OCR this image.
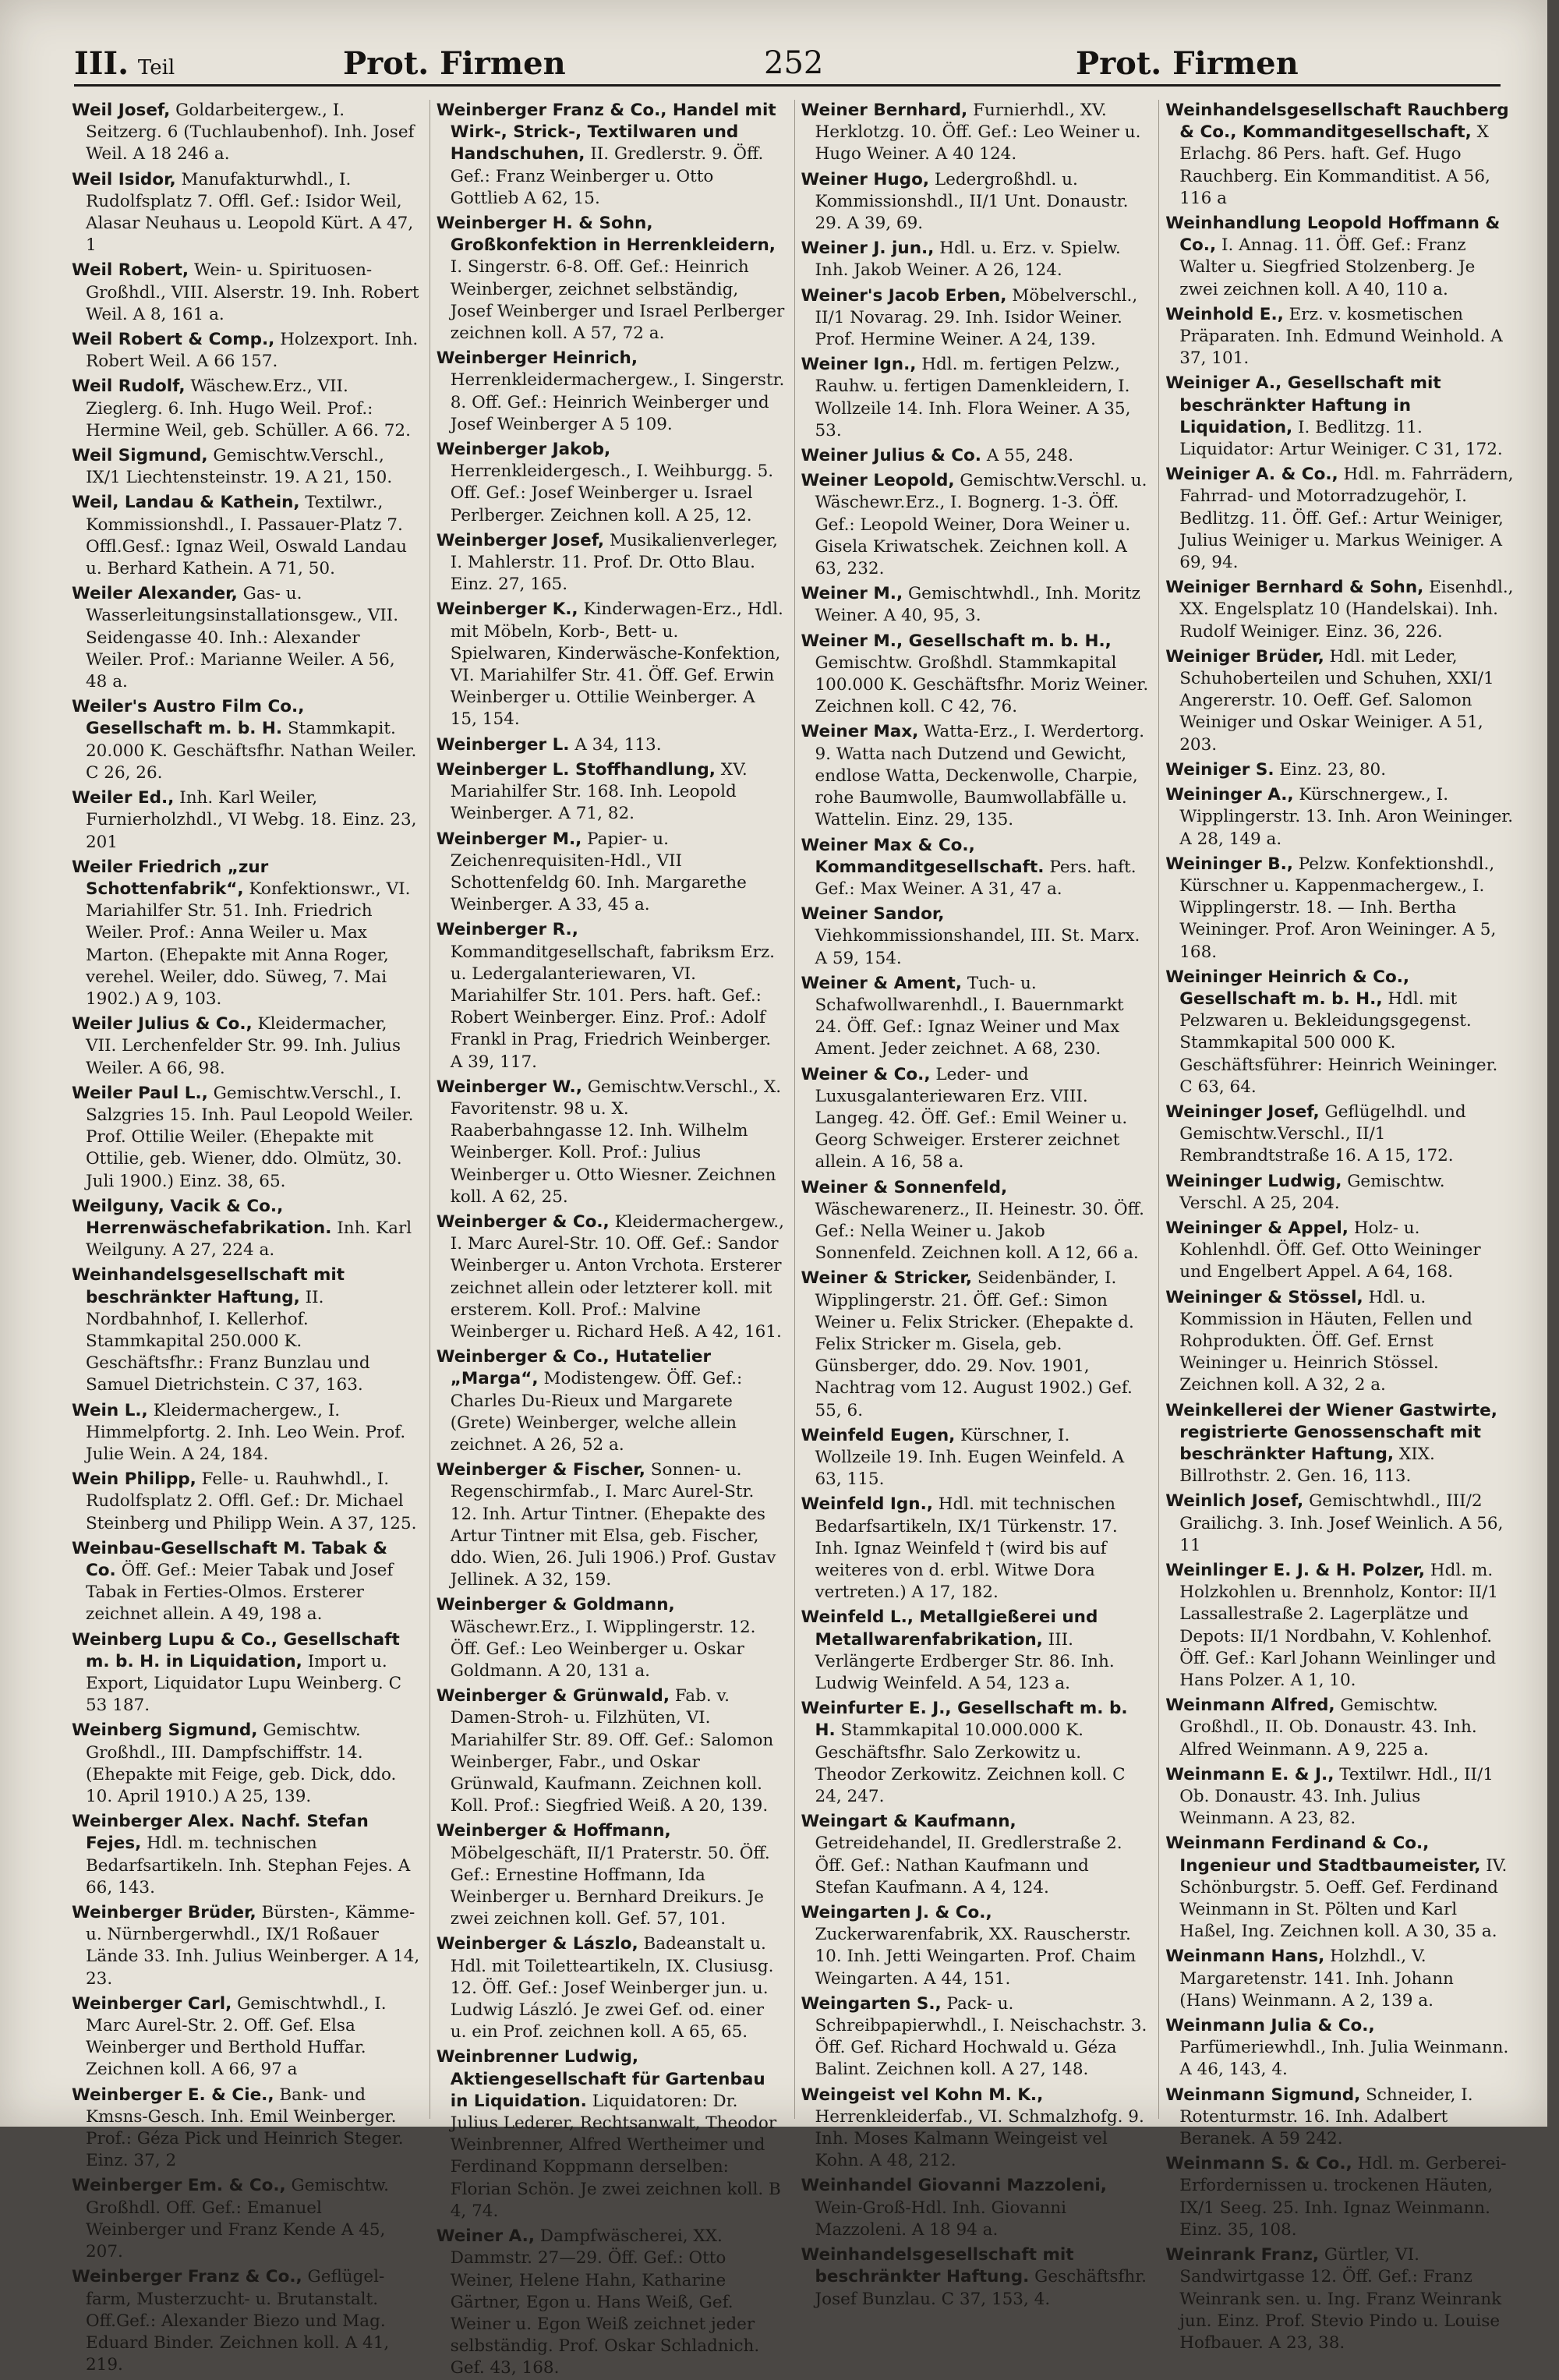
III. Teil	Prot. Firmen	252	Prot. Firmen

Weil Josef, Goldarbeitergew., I. Seitzerg. 6 (Tuchlaubenhof). Inh. Josef Weil. A 18 246 a.

Weil Isidor, Manufakturwhdl., I. Rudolfsplatz 7. Offl. Gef.: Isidor Weil, Alasar Neuhaus u. Leopold Kürt. A 47, 1

Weil Robert, Wein- u. Spirituosen-Großhdl., VIII. Alserstr. 19. Inh. Robert Weil. A 8, 161 a.

Weil Robert & Comp., Holzexport. Inh. Robert Weil. A 66 157.

Weil Rudolf, Wäschew.Erz., VII. Zieglerg. 6. Inh. Hugo Weil. Prof.: Hermine Weil, geb. Schüller. A 66. 72.

Weil Sigmund, Gemischtw.Verschl., IX/1 Liechtensteinstr. 19. A 21, 150.

Weil, Landau & Kathein, Textilwr., Kommissionshdl., I. Passauer-Platz 7. Offl.Gesf.: Ignaz Weil, Oswald Landau u. Berhard Kathein. A 71, 50.

Weiler Alexander, Gas- u. Wasserleitungsinstallationsgew., VII. Seidengasse 40. Inh.: Alexander Weiler. Prof.: Marianne Weiler. A 56, 48 a.

Weiler's Austro Film Co., Gesellschaft m. b. H. Stammkapit. 20.000 K. Geschäftsfhr. Nathan Weiler. C 26, 26.

Weiler Ed., Inh. Karl Weiler, Furnierholzhdl., VI Webg. 18. Einz. 23, 201

Weiler Friedrich „zur Schottenfabrik“, Konfektionswr., VI. Mariahilfer Str. 51. Inh. Friedrich Weiler. Prof.: Anna Weiler u. Max Marton. (Ehepakte mit Anna Roger, verehel. Weiler, ddo. Süweg, 7. Mai 1902.) A 9, 103.

Weiler Julius & Co., Kleidermacher, VII. Lerchenfelder Str. 99. Inh. Julius Weiler. A 66, 98.

Weiler Paul L., Gemischtw.Verschl., I. Salzgries 15. Inh. Paul Leopold Weiler. Prof. Ottilie Weiler. (Ehepakte mit Ottilie, geb. Wiener, ddo. Olmütz, 30. Juli 1900.) Einz. 38, 65.

Weilguny, Vacik & Co., Herrenwäschefabrikation. Inh. Karl Weilguny. A 27, 224 a.

Weinhandelsgesellschaft mit beschränkter Haftung, II. Nordbahnhof, I. Kellerhof. Stammkapital 250.000 K. Geschäftsfhr.: Franz Bunzlau und Samuel Dietrichstein. C 37, 163.

Wein L., Kleidermachergew., I. Himmelpfortg. 2. Inh. Leo Wein. Prof. Julie Wein. A 24, 184.

Wein Philipp, Felle- u. Rauhwhdl., I. Rudolfsplatz 2. Offl. Gef.: Dr. Michael Steinberg und Philipp Wein. A 37, 125.

Weinbau-Gesellschaft M. Tabak & Co. Öff. Gef.: Meier Tabak und Josef Tabak in Ferties-Olmos. Ersterer zeichnet allein. A 49, 198 a.

Weinberg Lupu & Co., Gesellschaft m. b. H. in Liquidation, Import u. Export, Liquidator Lupu Weinberg. C 53 187.

Weinberg Sigmund, Gemischtw. Großhdl., III. Dampfschiffstr. 14. (Ehepakte mit Feige, geb. Dick, ddo. 10. April 1910.) A 25, 139.

Weinberger Alex. Nachf. Stefan Fejes, Hdl. m. technischen Bedarfsartikeln. Inh. Stephan Fejes. A 66, 143.

Weinberger Brüder, Bürsten-, Kämme- u. Nürnbergerwhdl., IX/1 Roßauer Lände 33. Inh. Julius Weinberger. A 14, 23.

Weinberger Carl, Gemischtwhdl., I. Marc Aurel-Str. 2. Off. Gef. Elsa Weinberger und Berthold Huffar. Zeichnen koll. A 66, 97 a

Weinberger E. & Cie., Bank- und Kmsns-Gesch. Inh. Emil Weinberger. Prof.: Géza Pick und Heinrich Steger. Einz. 37, 2

Weinberger Em. & Co., Gemischtw. Großhdl. Off. Gef.: Emanuel Weinberger und Franz Kende A 45, 207.

Weinberger Franz & Co., Geflügel-farm, Musterzucht- u. Brutanstalt. Off.Gef.: Alexander Biezo und Mag. Eduard Binder. Zeichnen koll. A 41, 219.

Weinberger Franz & Co., Handel mit Wirk-, Strick-, Textilwaren und Handschuhen, II. Gredlerstr. 9. Öff. Gef.: Franz Weinberger u. Otto Gottlieb A 62, 15.

Weinberger H. & Sohn, Großkonfektion in Herrenkleidern, I. Singerstr. 6-8. Off. Gef.: Heinrich Weinberger, zeichnet selbständig, Josef Weinberger und Israel Perlberger zeichnen koll. A 57, 72 a.

Weinberger Heinrich, Herrenkleidermachergew., I. Singerstr. 8. Off. Gef.: Heinrich Weinberger und Josef Weinberger A 5 109.

Weinberger Jakob, Herrenkleidergesch., I. Weihburgg. 5. Off. Gef.: Josef Weinberger u. Israel Perlberger. Zeichnen koll. A 25, 12.

Weinberger Josef, Musikalienverleger, I. Mahlerstr. 11. Prof. Dr. Otto Blau. Einz. 27, 165.

Weinberger K., Kinderwagen-Erz., Hdl. mit Möbeln, Korb-, Bett- u. Spielwaren, Kinderwäsche-Konfektion, VI. Mariahilfer Str. 41. Öff. Gef. Erwin Weinberger u. Ottilie Weinberger. A 15, 154.

Weinberger L. A 34, 113.

Weinberger L. Stoffhandlung, XV. Mariahilfer Str. 168. Inh. Leopold Weinberger. A 71, 82.

Weinberger M., Papier- u. Zeichenrequisiten-Hdl., VII Schottenfeldg 60. Inh. Margarethe Weinberger. A 33, 45 a.

Weinberger R., Kommanditgesellschaft, fabriksm Erz. u. Ledergalanteriewaren, VI. Mariahilfer Str. 101. Pers. haft. Gef.: Robert Weinberger. Einz. Prof.: Adolf Frankl in Prag, Friedrich Weinberger. A 39, 117.

Weinberger W., Gemischtw.Verschl., X. Favoritenstr. 98 u. X. Raaberbahngasse 12. Inh. Wilhelm Weinberger. Koll. Prof.: Julius Weinberger u. Otto Wiesner. Zeichnen koll. A 62, 25.

Weinberger & Co., Kleidermachergew., I. Marc Aurel-Str. 10. Off. Gef.: Sandor Weinberger u. Anton Vrchota. Ersterer zeichnet allein oder letzterer koll. mit ersterem. Koll. Prof.: Malvine Weinberger u. Richard Heß. A 42, 161.

Weinberger & Co., Hutatelier „Marga“, Modistengew. Öff. Gef.: Charles Du-Rieux und Margarete (Grete) Weinberger, welche allein zeichnet. A 26, 52 a.

Weinberger & Fischer, Sonnen- u. Regenschirmfab., I. Marc Aurel-Str. 12. Inh. Artur Tintner. (Ehepakte des Artur Tintner mit Elsa, geb. Fischer, ddo. Wien, 26. Juli 1906.) Prof. Gustav Jellinek. A 32, 159.

Weinberger & Goldmann, Wäschewr.Erz., I. Wipplingerstr. 12. Öff. Gef.: Leo Weinberger u. Oskar Goldmann. A 20, 131 a.

Weinberger & Grünwald, Fab. v. Damen-Stroh- u. Filzhüten, VI. Mariahilfer Str. 89. Off. Gef.: Salomon Weinberger, Fabr., und Oskar Grünwald, Kaufmann. Zeichnen koll. Koll. Prof.: Siegfried Weiß. A 20, 139.

Weinberger & Hoffmann, Möbelgeschäft, II/1 Praterstr. 50. Öff. Gef.: Ernestine Hoffmann, Ida Weinberger u. Bernhard Dreikurs. Je zwei zeichnen koll. Gef. 57, 101.

Weinberger & Lászlo, Badeanstalt u. Hdl. mit Toiletteartikeln, IX. Clusiusg. 12. Öff. Gef.: Josef Weinberger jun. u. Ludwig László. Je zwei Gef. od. einer u. ein Prof. zeichnen koll. A 65, 65.

Weinbrenner Ludwig, Aktiengesellschaft für Gartenbau in Liquidation. Liquidatoren: Dr. Julius Lederer, Rechtsanwalt, Theodor Weinbrenner, Alfred Wertheimer und Ferdinand Koppmann derselben: Florian Schön. Je zwei zeichnen koll. B 4, 74.

Weiner A., Dampfwäscherei, XX. Dammstr. 27—29. Öff. Gef.: Otto Weiner, Helene Hahn, Katharine Gärtner, Egon u. Hans Weiß, Gef. Weiner u. Egon Weiß zeichnet jeder selbständig. Prof. Oskar Schladnich. Gef. 43, 168.

Weiner Bernhard, Furnierhdl., XV. Herklotzg. 10. Öff. Gef.: Leo Weiner u. Hugo Weiner. A 40 124.

Weiner Hugo, Ledergroßhdl. u. Kommissionshdl., II/1 Unt. Donaustr. 29. A 39, 69.

Weiner J. jun., Hdl. u. Erz. v. Spielw. Inh. Jakob Weiner. A 26, 124.

Weiner's Jacob Erben, Möbelverschl., II/1 Novarag. 29. Inh. Isidor Weiner. Prof. Hermine Weiner. A 24, 139.

Weiner Ign., Hdl. m. fertigen Pelzw., Rauhw. u. fertigen Damenkleidern, I. Wollzeile 14. Inh. Flora Weiner. A 35, 53.

Weiner Julius & Co. A 55, 248.

Weiner Leopold, Gemischtw.Verschl. u. Wäschewr.Erz., I. Bognerg. 1-3. Öff. Gef.: Leopold Weiner, Dora Weiner u. Gisela Kriwatschek. Zeichnen koll. A 63, 232.

Weiner M., Gemischtwhdl., Inh. Moritz Weiner. A 40, 95, 3.

Weiner M., Gesellschaft m. b. H., Gemischtw. Großhdl. Stammkapital 100.000 K. Geschäftsfhr. Moriz Weiner. Zeichnen koll. C 42, 76.

Weiner Max, Watta-Erz., I. Werdertorg. 9. Watta nach Dutzend und Gewicht, endlose Watta, Deckenwolle, Charpie, rohe Baumwolle, Baumwollabfälle u. Wattelin. Einz. 29, 135.

Weiner Max & Co., Kommanditgesellschaft. Pers. haft. Gef.: Max Weiner. A 31, 47 a.

Weiner Sandor, Viehkommissionshandel, III. St. Marx. A 59, 154.

Weiner & Ament, Tuch- u. Schafwollwarenhdl., I. Bauernmarkt 24. Öff. Gef.: Ignaz Weiner und Max Ament. Jeder zeichnet. A 68, 230.

Weiner & Co., Leder- und Luxusgalanteriewaren Erz. VIII. Langeg. 42. Öff. Gef.: Emil Weiner u. Georg Schweiger. Ersterer zeichnet allein. A 16, 58 a.

Weiner & Sonnenfeld, Wäschewarenerz., II. Heinestr. 30. Öff. Gef.: Nella Weiner u. Jakob Sonnenfeld. Zeichnen koll. A 12, 66 a.

Weiner & Stricker, Seidenbänder, I. Wipplingerstr. 21. Öff. Gef.: Simon Weiner u. Felix Stricker. (Ehepakte d. Felix Stricker m. Gisela, geb. Günsberger, ddo. 29. Nov. 1901, Nachtrag vom 12. August 1902.) Gef. 55, 6.

Weinfeld Eugen, Kürschner, I. Wollzeile 19. Inh. Eugen Weinfeld. A 63, 115.

Weinfeld Ign., Hdl. mit technischen Bedarfsartikeln, IX/1 Türkenstr. 17. Inh. Ignaz Weinfeld † (wird bis auf weiteres von d. erbl. Witwe Dora vertreten.) A 17, 182.

Weinfeld L., Metallgießerei und Metallwarenfabrikation, III. Verlängerte Erdberger Str. 86. Inh. Ludwig Weinfeld. A 54, 123 a.

Weinfurter E. J., Gesellschaft m. b. H. Stammkapital 10.000.000 K. Geschäftsfhr. Salo Zerkowitz u. Theodor Zerkowitz. Zeichnen koll. C 24, 247.

Weingart & Kaufmann, Getreidehandel, II. Gredlerstraße 2. Öff. Gef.: Nathan Kaufmann und Stefan Kaufmann. A 4, 124.

Weingarten J. & Co., Zuckerwarenfabrik, XX. Rauscherstr. 10. Inh. Jetti Weingarten. Prof. Chaim Weingarten. A 44, 151.

Weingarten S., Pack- u. Schreibpapierwhdl., I. Neischachstr. 3. Öff. Gef. Richard Hochwald u. Géza Balint. Zeichnen koll. A 27, 148.

Weingeist vel Kohn M. K., Herrenkleiderfab., VI. Schmalzhofg. 9. Inh. Moses Kalmann Weingeist vel Kohn. A 48, 212.

Weinhandel Giovanni Mazzoleni, Wein-Groß-Hdl. Inh. Giovanni Mazzoleni. A 18 94 a.

Weinhandelsgesellschaft mit beschränkter Haftung. Geschäftsfhr. Josef Bunzlau. C 37, 153, 4.

Weinhandelsgesellschaft Rauchberg & Co., Kommanditgesellschaft, X Erlachg. 86 Pers. haft. Gef. Hugo Rauchberg. Ein Kommanditist. A 56, 116 a

Weinhandlung Leopold Hoffmann & Co., I. Annag. 11. Öff. Gef.: Franz Walter u. Siegfried Stolzenberg. Je zwei zeichnen koll. A 40, 110 a.

Weinhold E., Erz. v. kosmetischen Präparaten. Inh. Edmund Weinhold. A 37, 101.

Weiniger A., Gesellschaft mit beschränkter Haftung in Liquidation, I. Bedlitzg. 11. Liquidator: Artur Weiniger. C 31, 172.

Weiniger A. & Co., Hdl. m. Fahrrädern, Fahrrad- und Motorradzugehör, I. Bedlitzg. 11. Öff. Gef.: Artur Weiniger, Julius Weiniger u. Markus Weiniger. A 69, 94.

Weiniger Bernhard & Sohn, Eisenhdl., XX. Engelsplatz 10 (Handelskai). Inh. Rudolf Weiniger. Einz. 36, 226.

Weiniger Brüder, Hdl. mit Leder, Schuhoberteilen und Schuhen, XXI/1 Angererstr. 10. Oeff. Gef. Salomon Weiniger und Oskar Weiniger. A 51, 203.

Weiniger S. Einz. 23, 80.

Weininger A., Kürschnergew., I. Wipplingerstr. 13. Inh. Aron Weininger. A 28, 149 a.

Weininger B., Pelzw. Konfektionshdl., Kürschner u. Kappenmachergew., I. Wipplingerstr. 18. — Inh. Bertha Weininger. Prof. Aron Weininger. A 5, 168.

Weininger Heinrich & Co., Gesellschaft m. b. H., Hdl. mit Pelzwaren u. Bekleidungsgegenst. Stammkapital 500 000 K. Geschäftsführer: Heinrich Weininger. C 63, 64.

Weininger Josef, Geflügelhdl. und Gemischtw.Verschl., II/1 Rembrandtstraße 16. A 15, 172.

Weininger Ludwig, Gemischtw. Verschl. A 25, 204.

Weininger & Appel, Holz- u. Kohlenhdl. Öff. Gef. Otto Weininger und Engelbert Appel. A 64, 168.

Weininger & Stössel, Hdl. u. Kommission in Häuten, Fellen und Rohprodukten. Öff. Gef. Ernst Weininger u. Heinrich Stössel. Zeichnen koll. A 32, 2 a.

Weinkellerei der Wiener Gastwirte, registrierte Genossenschaft mit beschränkter Haftung, XIX. Billrothstr. 2. Gen. 16, 113.

Weinlich Josef, Gemischtwhdl., III/2 Grailichg. 3. Inh. Josef Weinlich. A 56, 11

Weinlinger E. J. & H. Polzer, Hdl. m. Holzkohlen u. Brennholz, Kontor: II/1 Lassallestraße 2. Lagerplätze und Depots: II/1 Nordbahn, V. Kohlenhof. Öff. Gef.: Karl Johann Weinlinger und Hans Polzer. A 1, 10.

Weinmann Alfred, Gemischtw. Großhdl., II. Ob. Donaustr. 43. Inh. Alfred Weinmann. A 9, 225 a.

Weinmann E. & J., Textilwr. Hdl., II/1 Ob. Donaustr. 43. Inh. Julius Weinmann. A 23, 82.

Weinmann Ferdinand & Co., Ingenieur und Stadtbaumeister, IV. Schönburgstr. 5. Oeff. Gef. Ferdinand Weinmann in St. Pölten und Karl Haßel, Ing. Zeichnen koll. A 30, 35 a.

Weinmann Hans, Holzhdl., V. Margaretenstr. 141. Inh. Johann (Hans) Weinmann. A 2, 139 a.

Weinmann Julia & Co., Parfümeriewhdl., Inh. Julia Weinmann. A 46, 143, 4.

Weinmann Sigmund, Schneider, I. Rotenturmstr. 16. Inh. Adalbert Beranek. A 59 242.

Weinmann S. & Co., Hdl. m. Gerberei-Erfordernissen u. trockenen Häuten, IX/1 Seeg. 25. Inh. Ignaz Weinmann. Einz. 35, 108.

Weinrank Franz, Gürtler, VI. Sandwirtgasse 12. Öff. Gef.: Franz Weinrank sen. u. Ing. Franz Weinrank jun. Einz. Prof. Stevio Pindo u. Louise Hofbauer. A 23, 38.
